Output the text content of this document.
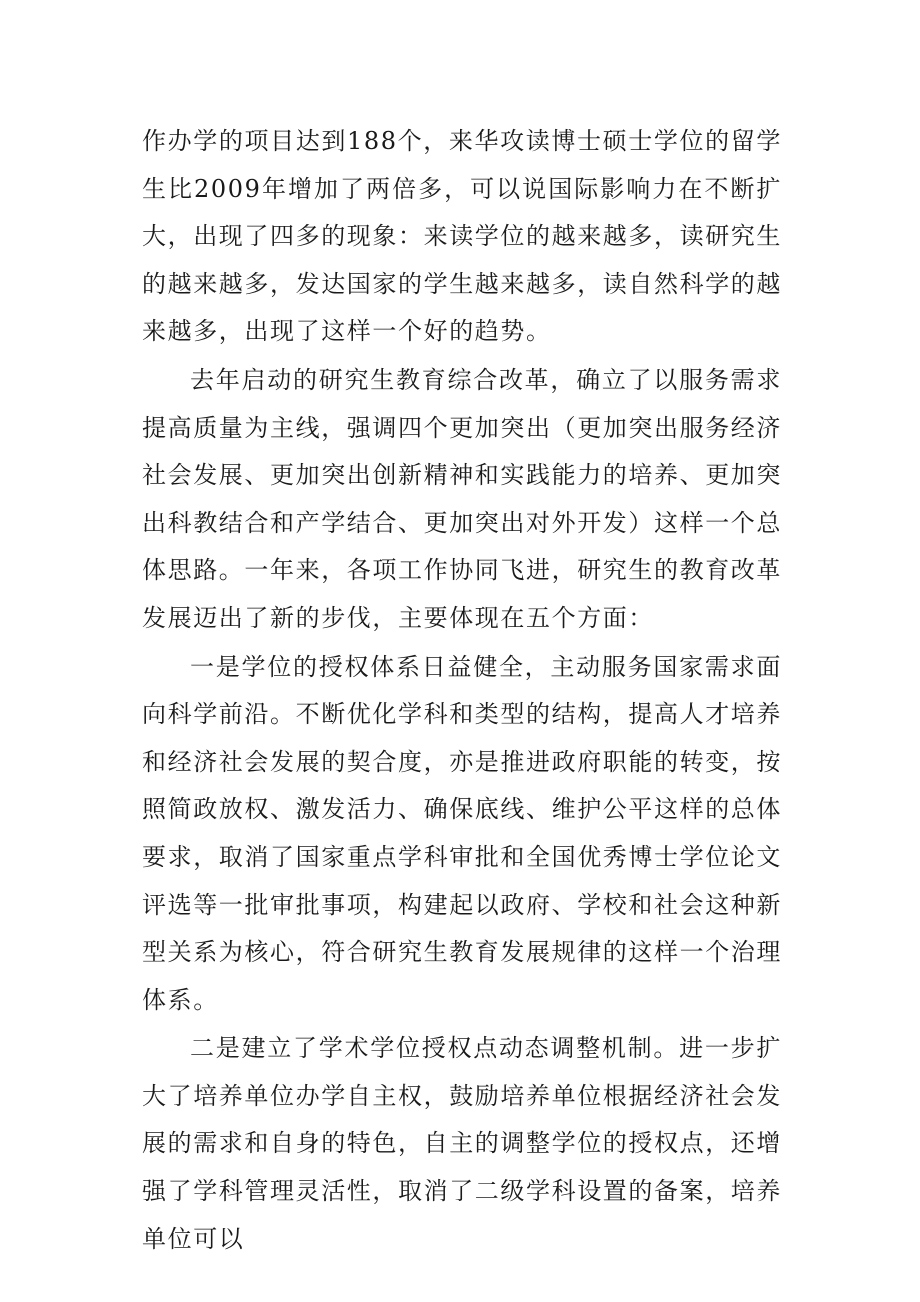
作办学的项目达到188个，来华攻读博士硕士学位的留学生比2009年增加了两倍多，可以说国际影响力在不断扩大，出现了四多的现象：来读学位的越来越多，读研究生的越来越多，发达国家的学生越来越多，读自然科学的越来越多，出现了这样一个好的趋势。

去年启动的研究生教育综合改革，确立了以服务需求提高质量为主线，强调四个更加突出（更加突出服务经济社会发展、更加突出创新精神和实践能力的培养、更加突出科教结合和产学结合、更加突出对外开发）这样一个总体思路。一年来，各项工作协同飞进，研究生的教育改革发展迈出了新的步伐，主要体现在五个方面：

一是学位的授权体系日益健全，主动服务国家需求面向科学前沿。不断优化学科和类型的结构，提高人才培养和经济社会发展的契合度，亦是推进政府职能的转变，按照简政放权、激发活力、确保底线、维护公平这样的总体要求，取消了国家重点学科审批和全国优秀博士学位论文评选等一批审批事项，构建起以政府、学校和社会这种新型关系为核心，符合研究生教育发展规律的这样一个治理体系。

二是建立了学术学位授权点动态调整机制。进一步扩大了培养单位办学自主权，鼓励培养单位根据经济社会发展的需求和自身的特色，自主的调整学位的授权点，还增强了学科管理灵活性，取消了二级学科设置的备案，培养单位可以
